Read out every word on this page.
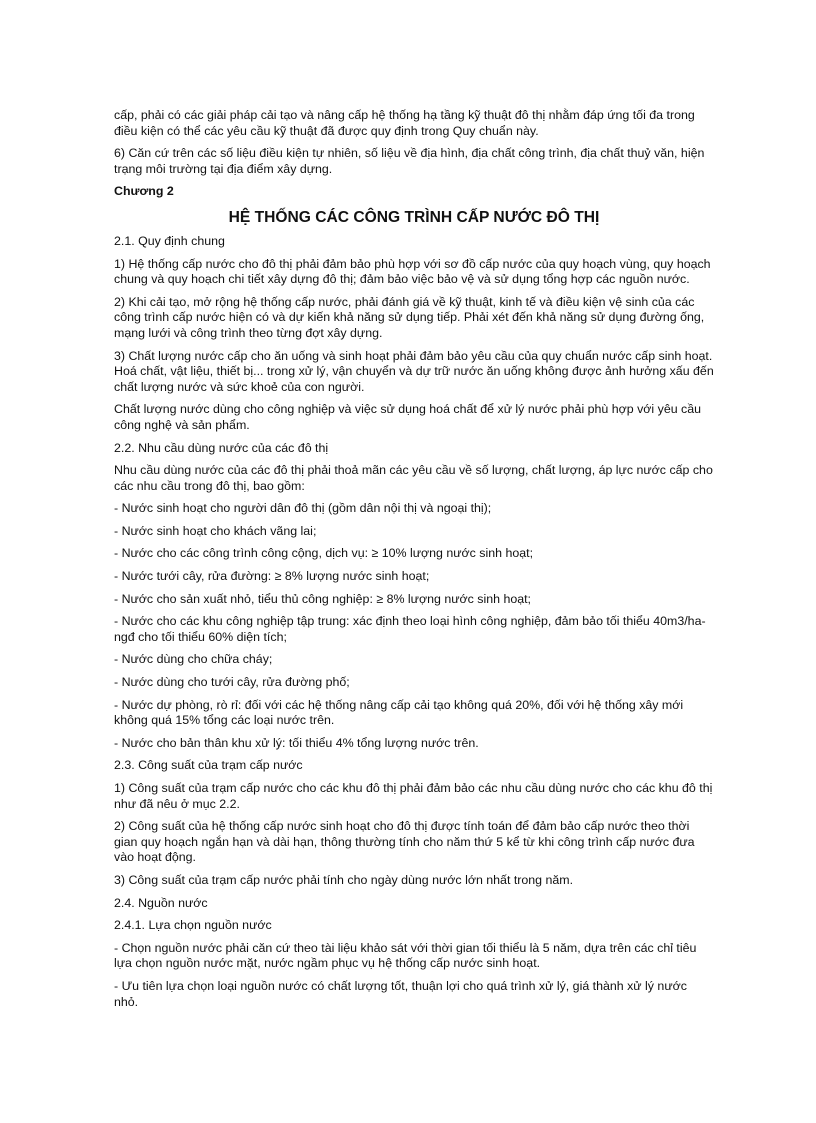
cấp, phải có các giải pháp cải tạo và nâng cấp hệ thống hạ tầng kỹ thuật đô thị nhằm đáp ứng tối đa trong điều kiện có thể các yêu cầu kỹ thuật đã được quy định trong Quy chuẩn này.

6) Căn cứ trên các số liệu điều kiện tự nhiên, số liệu về địa hình, địa chất công trình, địa chất thuỷ văn, hiện trạng môi trường tại địa điểm xây dựng.

Chương 2
HỆ THỐNG CÁC CÔNG TRÌNH CẤP NƯỚC ĐÔ THỊ
2.1. Quy định chung

1) Hệ thống cấp nước cho đô thị phải đảm bảo phù hợp với sơ đồ cấp nước của quy hoạch vùng, quy hoạch chung và quy hoạch chi tiết xây dựng đô thị; đảm bảo việc bảo vệ và sử dụng tổng hợp các nguồn nước.

2) Khi cải tạo, mở rộng hệ thống cấp nước, phải đánh giá về kỹ thuật, kinh tế và điều kiện vệ sinh của các công trình cấp nước hiện có và dự kiến khả năng sử dụng tiếp. Phải xét đến khả năng sử dụng đường ống, mạng lưới và công trình theo từng đợt xây dựng.

3) Chất lượng nước cấp cho ăn uống và sinh hoạt phải đảm bảo yêu cầu của quy chuẩn nước cấp sinh hoạt. Hoá chất, vật liệu, thiết bị... trong xử lý, vận chuyển và dự trữ nước ăn uống không được ảnh hưởng xấu đến chất lượng nước và sức khoẻ của con người.

Chất lượng nước dùng cho công nghiệp và việc sử dụng hoá chất để xử lý nước phải phù hợp với yêu cầu công nghệ và sản phẩm.

2.2. Nhu cầu dùng nước của các đô thị

Nhu cầu dùng nước của các đô thị phải thoả mãn các yêu cầu về số lượng, chất lượng, áp lực nước cấp cho các nhu cầu trong đô thị, bao gồm:

- Nước sinh hoạt cho người dân đô thị (gồm dân nội thị và ngoại thị);

- Nước sinh hoạt cho khách vãng lai;

- Nước cho các công trình công cộng, dịch vụ: ≥ 10% lượng nước sinh hoạt;

- Nước tưới cây, rửa đường: ≥ 8% lượng nước sinh hoạt;

- Nước cho sản xuất nhỏ, tiểu thủ công nghiệp: ≥ 8% lượng nước sinh hoạt;

- Nước cho các khu công nghiệp tập trung: xác định theo loại hình công nghiệp, đảm bảo tối thiểu 40m3/ha-ngđ cho tối thiểu 60% diện tích;

- Nước dùng cho chữa cháy;

- Nước dùng cho tưới cây, rửa đường phố;

- Nước dự phòng, rò rỉ: đối với các hệ thống nâng cấp cải tạo không quá 20%, đối với hệ thống xây mới không quá 15% tổng các loại nước trên.

- Nước cho bản thân khu xử lý: tối thiểu 4% tổng lượng nước trên.

2.3. Công suất của trạm cấp nước

1) Công suất của trạm cấp nước cho các khu đô thị phải đảm bảo các nhu cầu dùng nước cho các khu đô thị như đã nêu ở mục 2.2.

2) Công suất của hệ thống cấp nước sinh hoạt cho đô thị được tính toán để đảm bảo cấp nước theo thời gian quy hoạch ngắn hạn và dài hạn, thông thường tính cho năm thứ 5 kể từ khi công trình cấp nước đưa vào hoạt động.

3) Công suất của trạm cấp nước phải tính cho ngày dùng nước lớn nhất trong năm.

2.4. Nguồn nước
2.4.1. Lựa chọn nguồn nước

- Chọn nguồn nước phải căn cứ theo tài liệu khảo sát với thời gian tối thiểu là 5 năm, dựa trên các chỉ tiêu lựa chọn nguồn nước mặt, nước ngầm phục vụ hệ thống cấp nước sinh hoạt.

- Ưu tiên lựa chọn loại nguồn nước có chất lượng tốt, thuận lợi cho quá trình xử lý, giá thành xử lý nước nhỏ.
